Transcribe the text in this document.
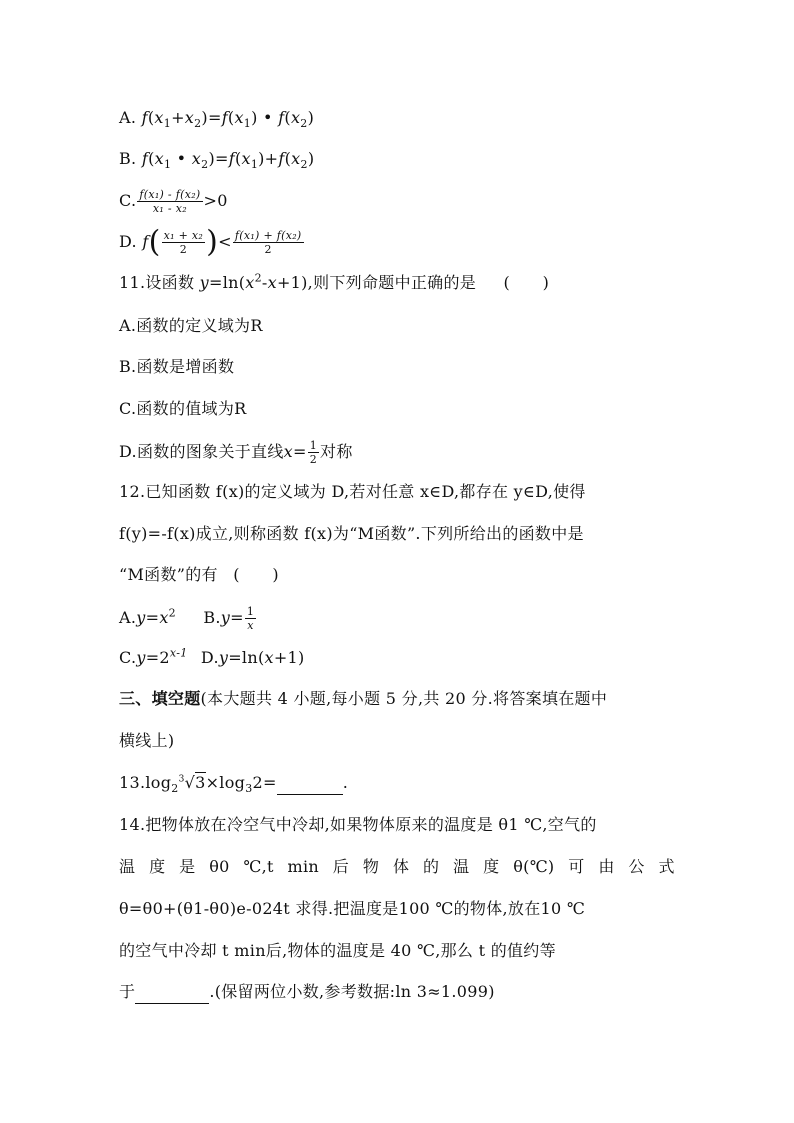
A. $f(x_1+x_2)=f(x_1)$ • $f(x_2)$
B. $f(x_1$ • $x_2)=f(x_1)+f(x_2)$
C. $\frac{\text{f(x₁) - f(x₂)}}{\text{x₁ - x₂}} >0$
D. $f( \frac{\text{x₁ + x₂}}{2}$ )< $\frac{\text{f(x₁) + f(x₂)}}{2}$
11.设函数 $y=\ln(x^2-x+1)$,则下列命题中正确的是 (　　)
A.函数的定义域为R
B.函数是增函数
C.函数的值域为R
D.函数的图象关于直线$x= \frac{1}{2}$ 对称
12.已知函数 f(x)的定义域为 D,若对任意 x∈D,都存在 y∈D,使得
f(y)=-f(x)成立,则称函数 f(x)为“M函数”.下列所给出的函数中是
“M函数”的有 (　　)
$A.y=x^2$ $B.y= \frac{1}{x}$
$C.y=2^{x-1}$ D.y=ln(x+1)
三、填空题(本大题共 4 小题,每小题 5 分,共 20 分.将答案填在题中
横线上)
$13.\log_2^3√3\times\log_32=$	.
14.把物体放在冷空气中冷却,如果物体原来的温度是 θ1 ℃,空气的
温 度 是 θ0 ℃,t min 后 物 体 的 温 度 θ(℃) 可 由 公 式
θ=θ0+(θ1-θ0)e-024t 求得.把温度是100 ℃的物体,放在10 ℃
的空气中冷却 t min后,物体的温度是 40 ℃,那么 t 的值约等
于	.(保留两位小数,参考数据:ln 3≈1.099)
